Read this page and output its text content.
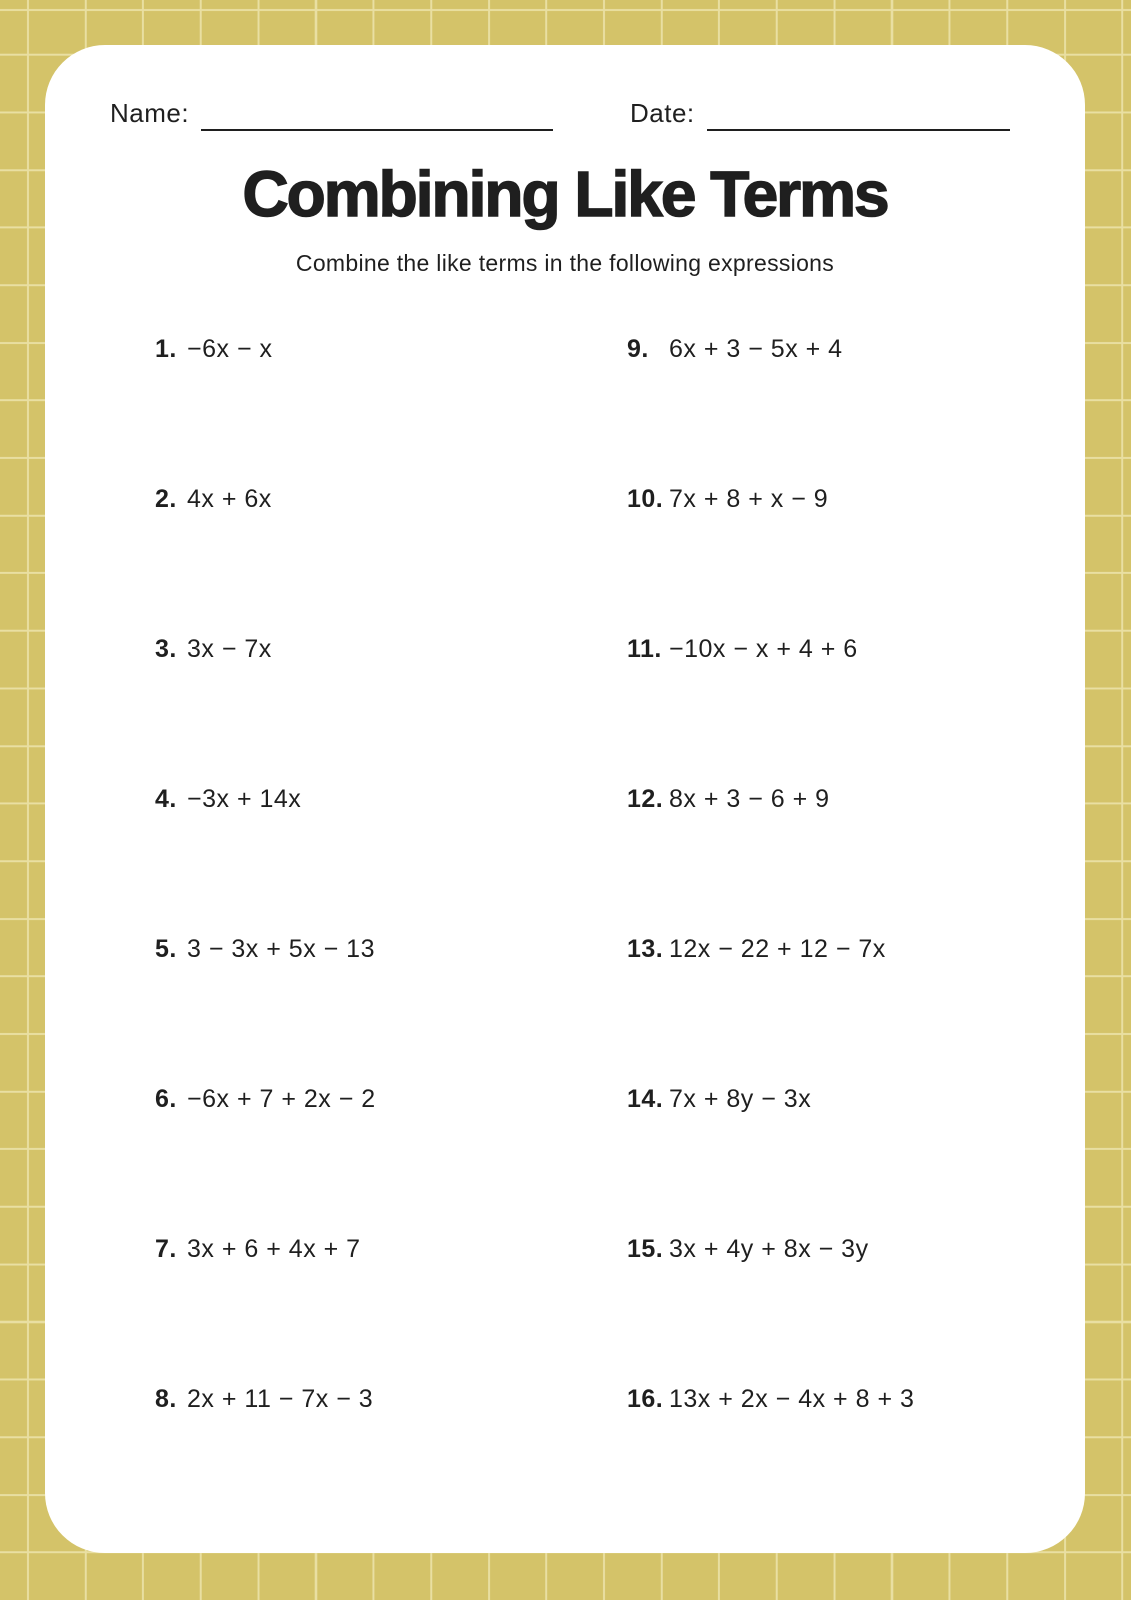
Name:	Date:
Combining Like Terms
Combine the like terms in the following expressions
1. −6x − x
2. 4x + 6x
3. 3x − 7x
4. −3x + 14x
5. 3 − 3x + 5x − 13
6. −6x + 7 + 2x − 2
7. 3x + 6 + 4x + 7
8. 2x + 11 − 7x − 3
9. 6x + 3 − 5x + 4
10. 7x + 8 + x − 9
11. −10x − x + 4 + 6
12. 8x + 3 − 6 + 9
13. 12x − 22 + 12 − 7x
14. 7x + 8y − 3x
15. 3x + 4y + 8x − 3y
16. 13x + 2x − 4x + 8 + 3
